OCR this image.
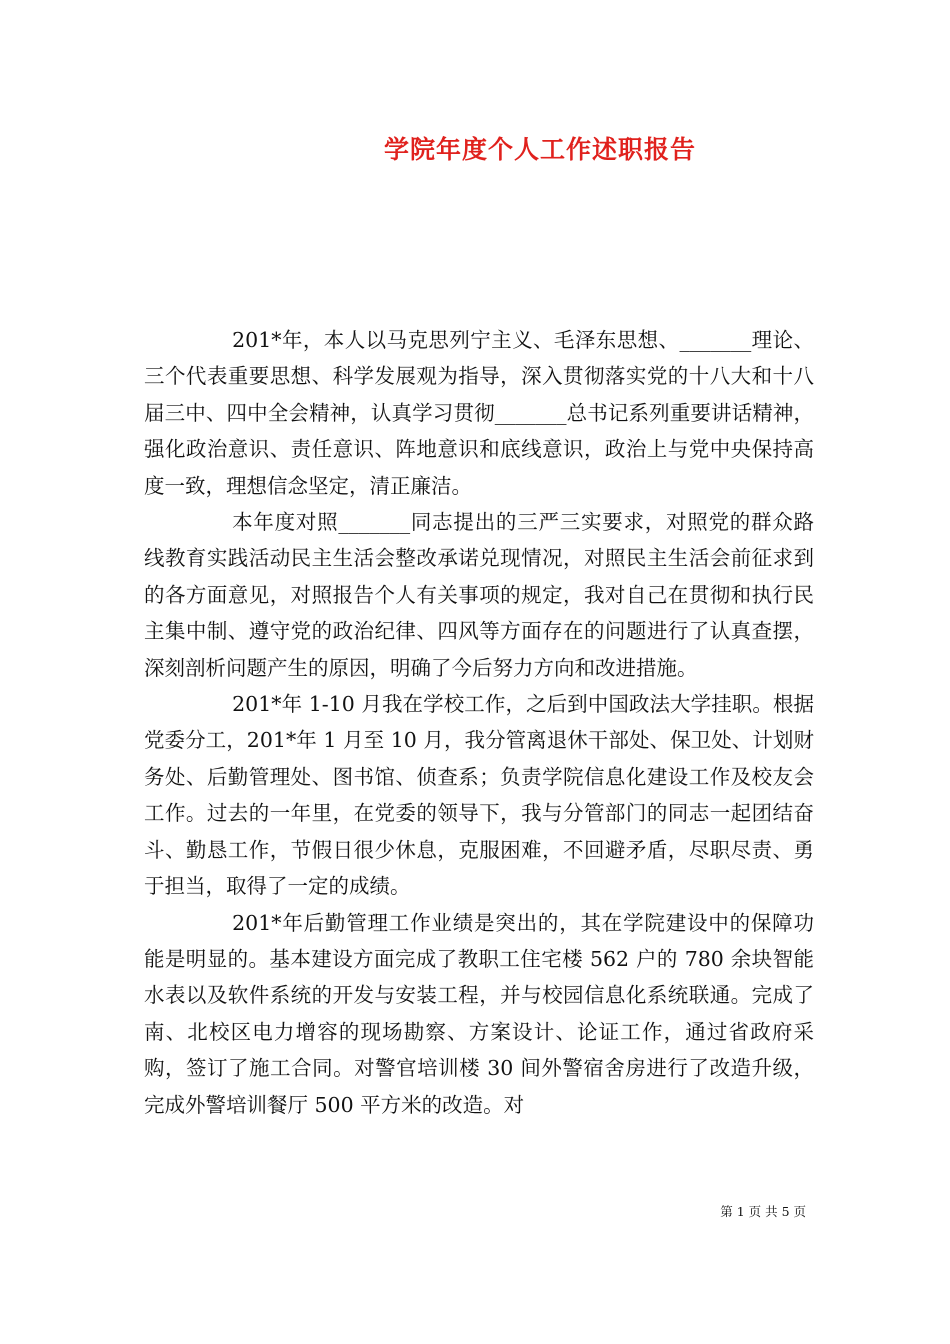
学院年度个人工作述职报告

201*年，本人以马克思列宁主义、毛泽东思想、_______理论、三个代表重要思想、科学发展观为指导，深入贯彻落实党的十八大和十八届三中、四中全会精神，认真学习贯彻_______总书记系列重要讲话精神，强化政治意识、责任意识、阵地意识和底线意识，政治上与党中央保持高度一致，理想信念坚定，清正廉洁。

本年度对照_______同志提出的三严三实要求，对照党的群众路线教育实践活动民主生活会整改承诺兑现情况，对照民主生活会前征求到的各方面意见，对照报告个人有关事项的规定，我对自己在贯彻和执行民主集中制、遵守党的政治纪律、四风等方面存在的问题进行了认真查摆，深刻剖析问题产生的原因，明确了今后努力方向和改进措施。

201*年 1-10 月我在学校工作，之后到中国政法大学挂职。根据党委分工，201*年 1 月至 10 月，我分管离退休干部处、保卫处、计划财务处、后勤管理处、图书馆、侦查系；负责学院信息化建设工作及校友会工作。过去的一年里，在党委的领导下，我与分管部门的同志一起团结奋斗、勤恳工作，节假日很少休息，克服困难，不回避矛盾，尽职尽责、勇于担当，取得了一定的成绩。

201*年后勤管理工作业绩是突出的，其在学院建设中的保障功能是明显的。基本建设方面完成了教职工住宅楼 562 户的 780 余块智能水表以及软件系统的开发与安装工程，并与校园信息化系统联通。完成了南、北校区电力增容的现场勘察、方案设计、论证工作，通过省政府采购，签订了施工合同。对警官培训楼 30 间外警宿舍房进行了改造升级，完成外警培训餐厅 500 平方米的改造。对

第 1 页 共 5 页
